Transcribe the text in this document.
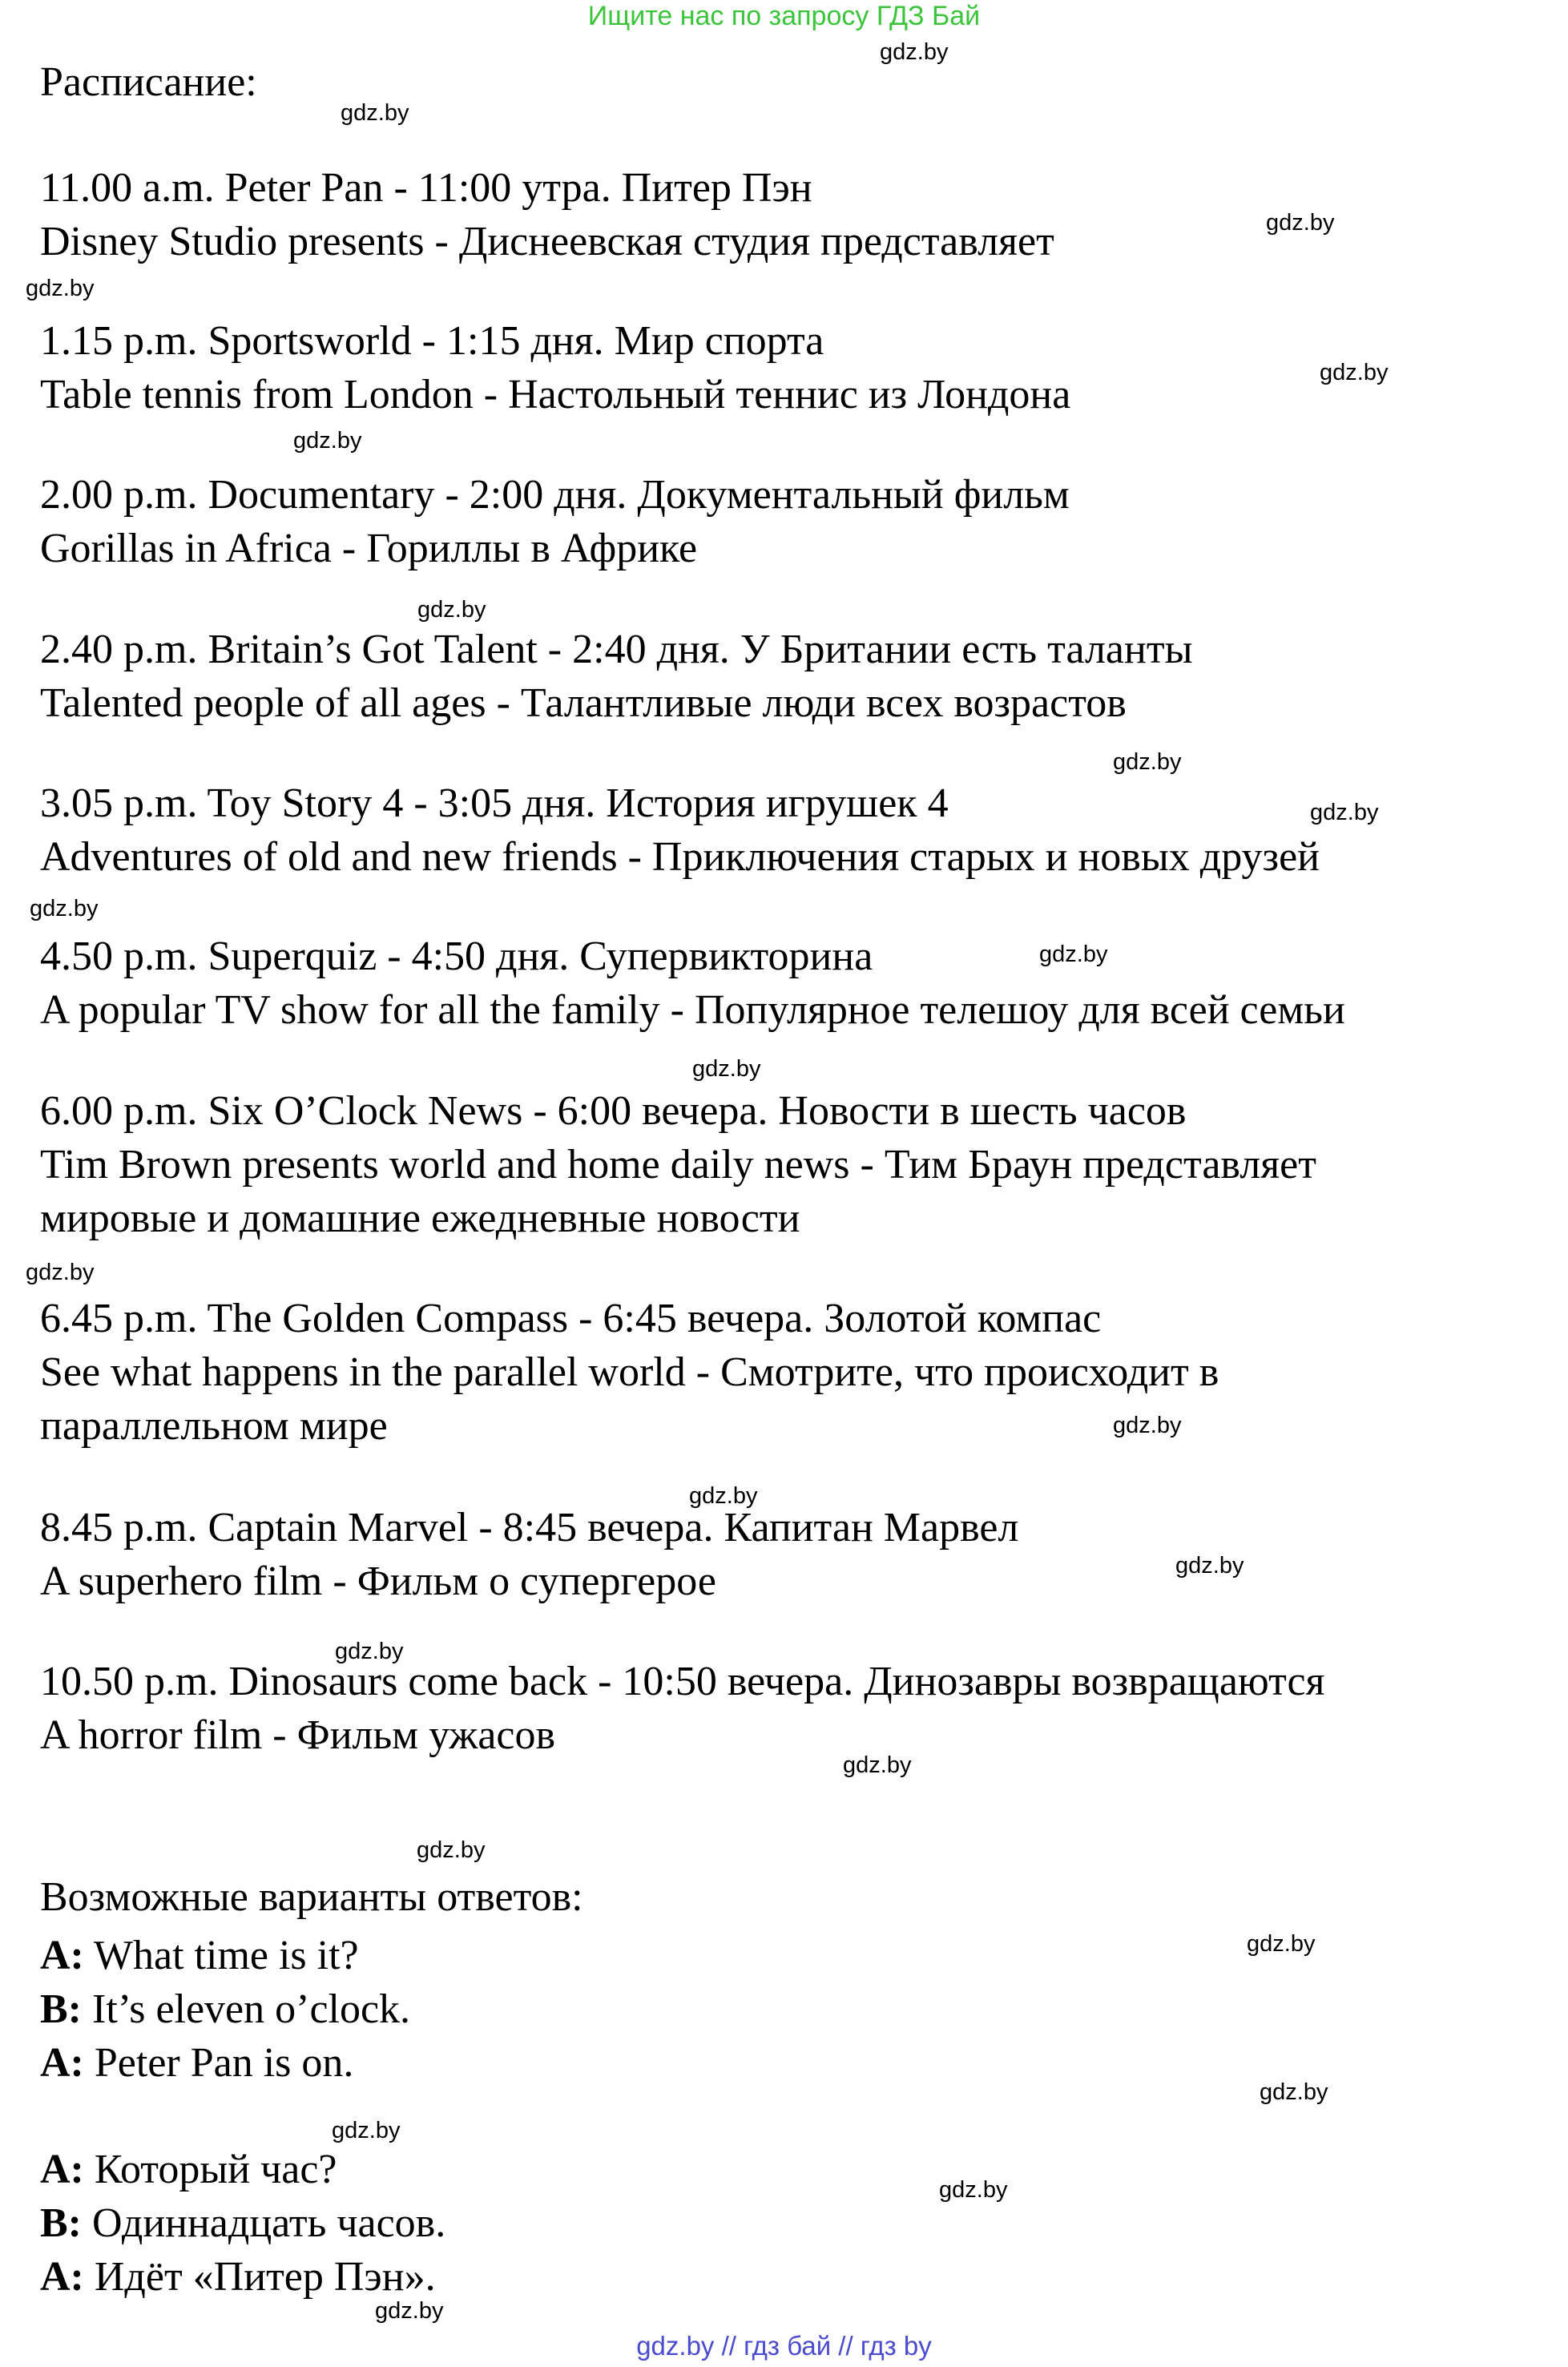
Ищите нас по запросу ГДЗ Бай
Расписание:
11.00 a.m. Peter Pan - 11:00 утра. Питер Пэн
Disney Studio presents - Диснеевская студия представляет
1.15 p.m. Sportsworld - 1:15 дня. Мир спорта
Table tennis from London - Настольный теннис из Лондона
2.00 p.m. Documentary - 2:00 дня. Документальный фильм
Gorillas in Africa - Гориллы в Африке
2.40 p.m. Britain’s Got Talent - 2:40 дня. У Британии есть таланты
Talented people of all ages - Талантливые люди всех возрастов
3.05 p.m. Toy Story 4 - 3:05 дня. История игрушек 4
Adventures of old and new friends - Приключения старых и новых друзей
4.50 p.m. Superquiz - 4:50 дня. Супервикторина
A popular TV show for all the family - Популярное телешоу для всей семьи
6.00 p.m. Six O’Clock News - 6:00 вечера. Новости в шесть часов
Tim Brown presents world and home daily news - Тим Браун представляет
мировые и домашние ежедневные новости
6.45 p.m. The Golden Compass - 6:45 вечера. Золотой компас
See what happens in the parallel world - Смотрите, что происходит в
параллельном мире
8.45 p.m. Captain Marvel - 8:45 вечера. Капитан Марвел
A superhero film - Фильм о супергерое
10.50 p.m. Dinosaurs come back - 10:50 вечера. Динозавры возвращаются
A horror film - Фильм ужасов
Возможные варианты ответов:
A: What time is it?
B: It’s eleven o’clock.
A: Peter Pan is on.
A: Который час?
B: Одиннадцать часов.
A: Идёт «Питер Пэн».
gdz.by
gdz.by
gdz.by
gdz.by
gdz.by
gdz.by
gdz.by
gdz.by
gdz.by
gdz.by
gdz.by
gdz.by
gdz.by
gdz.by
gdz.by
gdz.by
gdz.by
gdz.by
gdz.by
gdz.by
gdz.by
gdz.by
gdz.by
gdz.by
gdz.by // гдз бай // гдз by
